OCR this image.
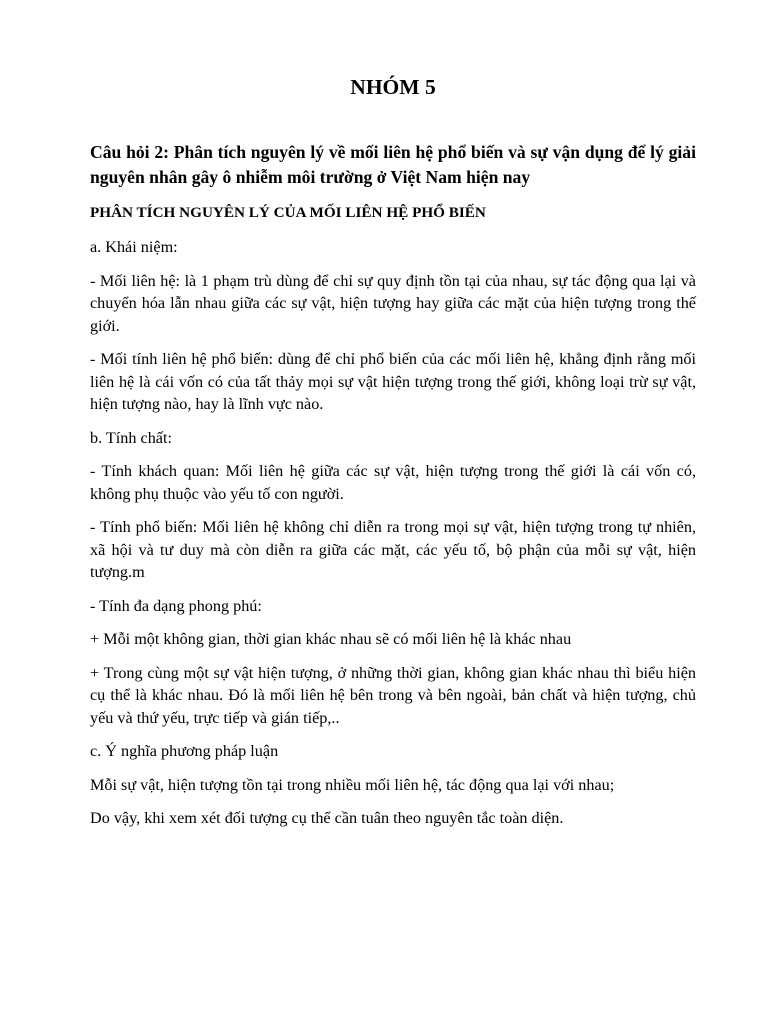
NHÓM 5
Câu hỏi 2: Phân tích nguyên lý về mối liên hệ phổ biến và sự vận dụng để lý giải nguyên nhân gây ô nhiễm môi trường ở Việt Nam hiện nay
PHÂN TÍCH NGUYÊN LÝ CỦA MỐI LIÊN HỆ PHỔ BIẾN

a. Khái niệm:

- Mối liên hệ: là 1 phạm trù dùng để chỉ sự quy định tồn tại của nhau, sự tác động qua lại và chuyển hóa lẫn nhau giữa các sự vật, hiện tượng hay giữa các mặt của hiện tượng trong thế giới.

- Mối tính liên hệ phổ biến: dùng để chỉ phổ biến của các mối liên hệ, khẳng định rằng mối liên hệ là cái vốn có của tất thảy mọi sự vật hiện tượng trong thế giới, không loại trừ sự vật, hiện tượng nào, hay là lĩnh vực nào.

b. Tính chất:

- Tính khách quan: Mối liên hệ giữa các sự vật, hiện tượng trong thế giới là cái vốn có, không phụ thuộc vào yếu tố con người.

- Tính phổ biến: Mối liên hệ không chỉ diễn ra trong mọi sự vật, hiện tượng trong tự nhiên, xã hội và tư duy mà còn diễn ra giữa các mặt, các yếu tố, bộ phận của mỗi sự vật, hiện tượng.m

- Tính đa dạng phong phú:

+ Mỗi một không gian, thời gian khác nhau sẽ có mối liên hệ là khác nhau

+ Trong cùng một sự vật hiện tượng, ở những thời gian, không gian khác nhau thì biểu hiện cụ thể là khác nhau. Đó là mối liên hệ bên trong và bên ngoài, bản chất và hiện tượng, chủ yếu và thứ yếu, trực tiếp và gián tiếp,..

c. Ý nghĩa phương pháp luận

Mỗi sự vật, hiện tượng tồn tại trong nhiều mối liên hệ, tác động qua lại với nhau;

Do vậy, khi xem xét đối tượng cụ thể cần tuân theo nguyên tắc toàn diện.
